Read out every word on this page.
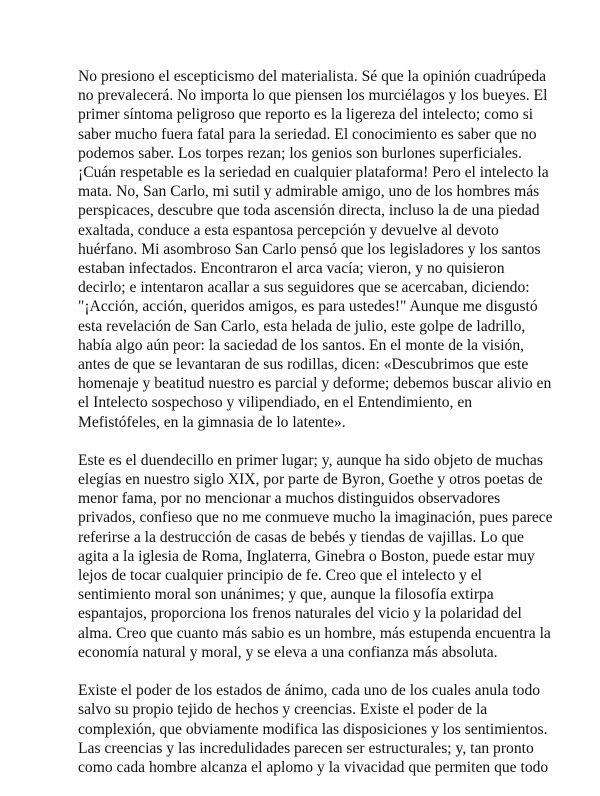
No presiono el escepticismo del materialista. Sé que la opinión cuadrúpeda
no prevalecerá. No importa lo que piensen los murciélagos y los bueyes. El
primer síntoma peligroso que reporto es la ligereza del intelecto; como si
saber mucho fuera fatal para la seriedad. El conocimiento es saber que no
podemos saber. Los torpes rezan; los genios son burlones superficiales.
¡Cuán respetable es la seriedad en cualquier plataforma! Pero el intelecto la
mata. No, San Carlo, mi sutil y admirable amigo, uno de los hombres más
perspicaces, descubre que toda ascensión directa, incluso la de una piedad
exaltada, conduce a esta espantosa percepción y devuelve al devoto
huérfano. Mi asombroso San Carlo pensó que los legisladores y los santos
estaban infectados. Encontraron el arca vacía; vieron, y no quisieron
decirlo; e intentaron acallar a sus seguidores que se acercaban, diciendo:
"¡Acción, acción, queridos amigos, es para ustedes!" Aunque me disgustó
esta revelación de San Carlo, esta helada de julio, este golpe de ladrillo,
había algo aún peor: la saciedad de los santos. En el monte de la visión,
antes de que se levantaran de sus rodillas, dicen: «Descubrimos que este
homenaje y beatitud nuestro es parcial y deforme; debemos buscar alivio en
el Intelecto sospechoso y vilipendiado, en el Entendimiento, en
Mefistófeles, en la gimnasia de lo latente».

Este es el duendecillo en primer lugar; y, aunque ha sido objeto de muchas
elegías en nuestro siglo XIX, por parte de Byron, Goethe y otros poetas de
menor fama, por no mencionar a muchos distinguidos observadores
privados, confieso que no me conmueve mucho la imaginación, pues parece
referirse a la destrucción de casas de bebés y tiendas de vajillas. Lo que
agita a la iglesia de Roma, Inglaterra, Ginebra o Boston, puede estar muy
lejos de tocar cualquier principio de fe. Creo que el intelecto y el
sentimiento moral son unánimes; y que, aunque la filosofía extirpa
espantajos, proporciona los frenos naturales del vicio y la polaridad del
alma. Creo que cuanto más sabio es un hombre, más estupenda encuentra la
economía natural y moral, y se eleva a una confianza más absoluta.

Existe el poder de los estados de ánimo, cada uno de los cuales anula todo
salvo su propio tejido de hechos y creencias. Existe el poder de la
complexión, que obviamente modifica las disposiciones y los sentimientos.
Las creencias y las incredulidades parecen ser estructurales; y, tan pronto
como cada hombre alcanza el aplomo y la vivacidad que permiten que todo
